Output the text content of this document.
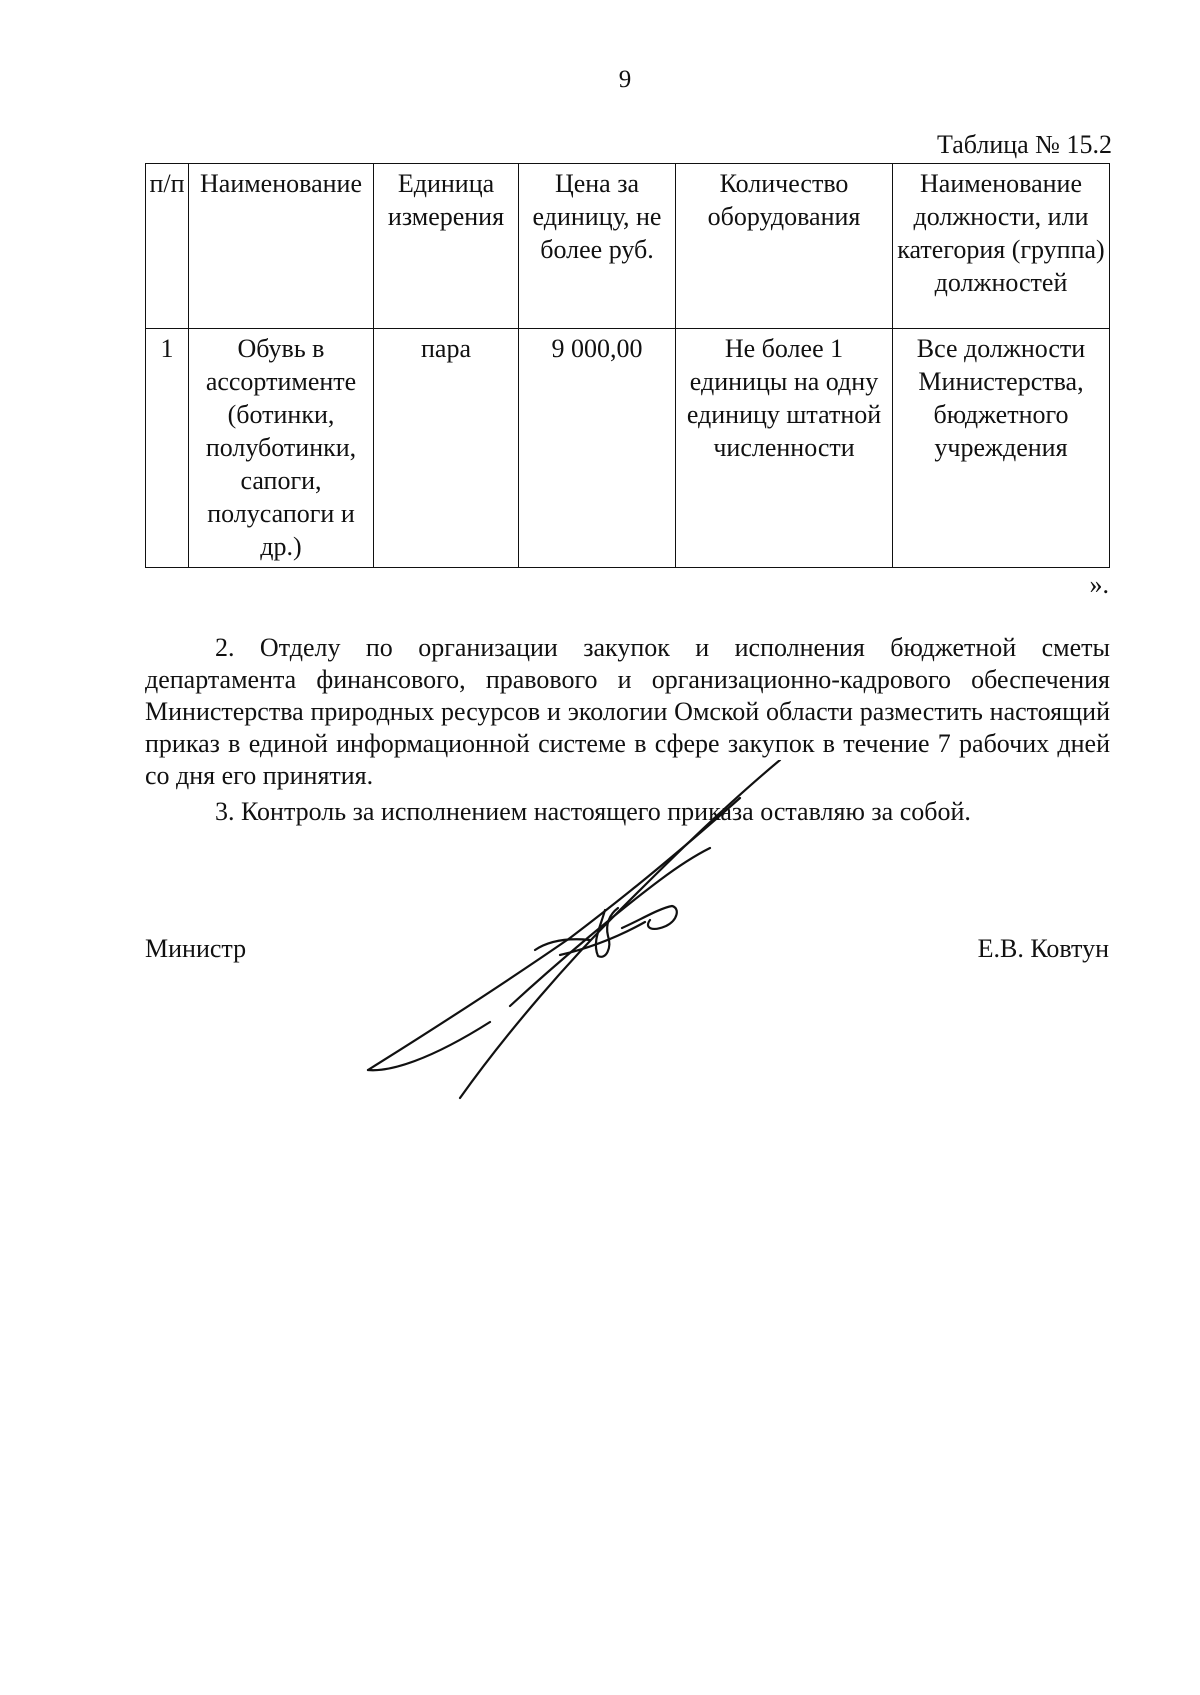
9
Таблица № 15.2
п/п	Наименование	Единица измерения	Цена за единицу, не более руб.	Количество оборудования	Наименование должности, или категория (группа) должностей
1	Обувь в ассортименте (ботинки, полуботинки, сапоги, полусапоги и др.)	пара	9 000,00	Не более 1 единицы на одну единицу штатной численности	Все должности Министерства, бюджетного учреждения
».
2. Отделу по организации закупок и исполнения бюджетной сметы департамента финансового, правового и организационно-кадрового обеспечения Министерства природных ресурсов и экологии Омской области разместить настоящий приказ в единой информационной системе в сфере закупок в течение 7 рабочих дней со дня его принятия.
3. Контроль за исполнением настоящего приказа оставляю за собой.
Министр	Е.В. Ковтун
